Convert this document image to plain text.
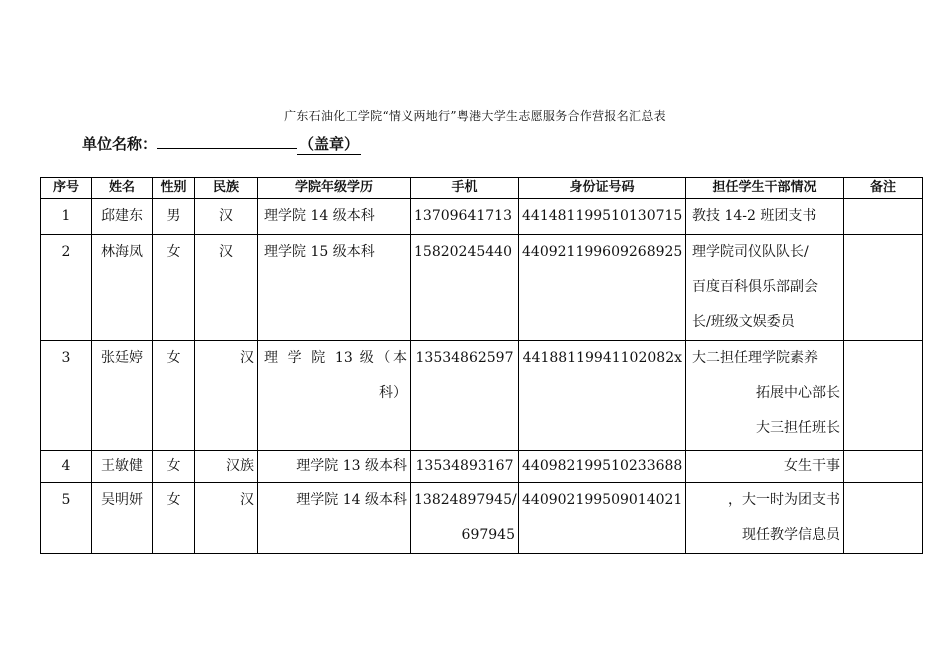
广东石油化工学院“情义两地行”粤港大学生志愿服务合作营报名汇总表
单位名称：	（盖章）
序号	姓名	性别	民族	学院年级学历	手机	身份证号码	担任学生干部情况	备注
1	邱建东	男	汉	理学院 14 级本科	13709641713	441481199510130715	教技 14-2 班团支书	
2	林海凤	女	汉	理学院 15 级本科	15820245440	440921199609268925	理学院司仪队队长/
百度百科俱乐部副会
长/班级文娱委员	

3	张廷婷	女	汉	理 学 院 13 级（本
科）	13534862597	44188119941102082x	大二担任理学院素养
拓展中心部长
大三担任班长	

4	王敏健	女	汉族	理学院 13 级本科	13534893167	440982199510233688	女生干事	
5	吴明妍	女	汉	理学院 14 级本科	13824897945/
697945	440902199509014021	，大一时为团支书
现任教学信息员	
